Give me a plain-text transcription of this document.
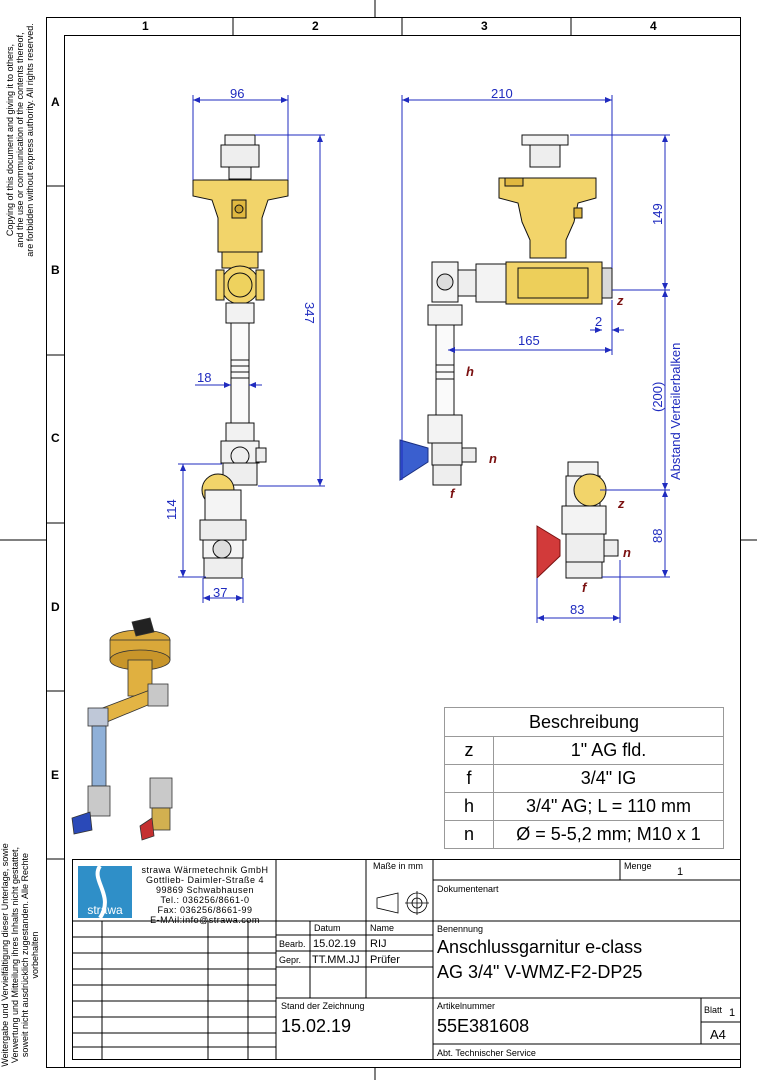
1	2	3	4
A
B
C
D
E
Copying of this document and giving it to others, and the use or communication of the contents thereof, are forbidden without express authority. All rights reserved.
Weitergabe und Vervielfältigung dieser Unterlage, sowie Verwertung und Mitteilung ihres Inhalts nicht gestattet, soweit nicht ausdrücklich zugestanden. Alle Rechte vorbehalten
96
347
18
114
37
210
149
2
165
(200) Abstand Verteilerbalken
88
83
z
h
n
f
z
n
f
Beschreibung
z	1" AG fld.
f	3/4" IG
h	3/4" AG; L = 110 mm
n	Ø = 5-5,2 mm; M10 x 1
strawa
strawa Wärmetechnik GmbH
Gottlieb- Daimler-Straße 4
99869 Schwabhausen
Tel.: 036256/8661-0
Fax: 036256/8661-99
E-MAil:info@strawa.com
Maße in mm	Menge 1
Dokumentenart
Datum	Name
Bearb. 15.02.19 RIJ
Gepr. TT.MM.JJ Prüfer
Benennung
Anschlussgarnitur e-class
AG 3/4" V-WMZ-F2-DP25
Stand der Zeichnung
15.02.19
Artikelnummer
55E381608
Blatt 1
A4
Abt. Technischer Service
